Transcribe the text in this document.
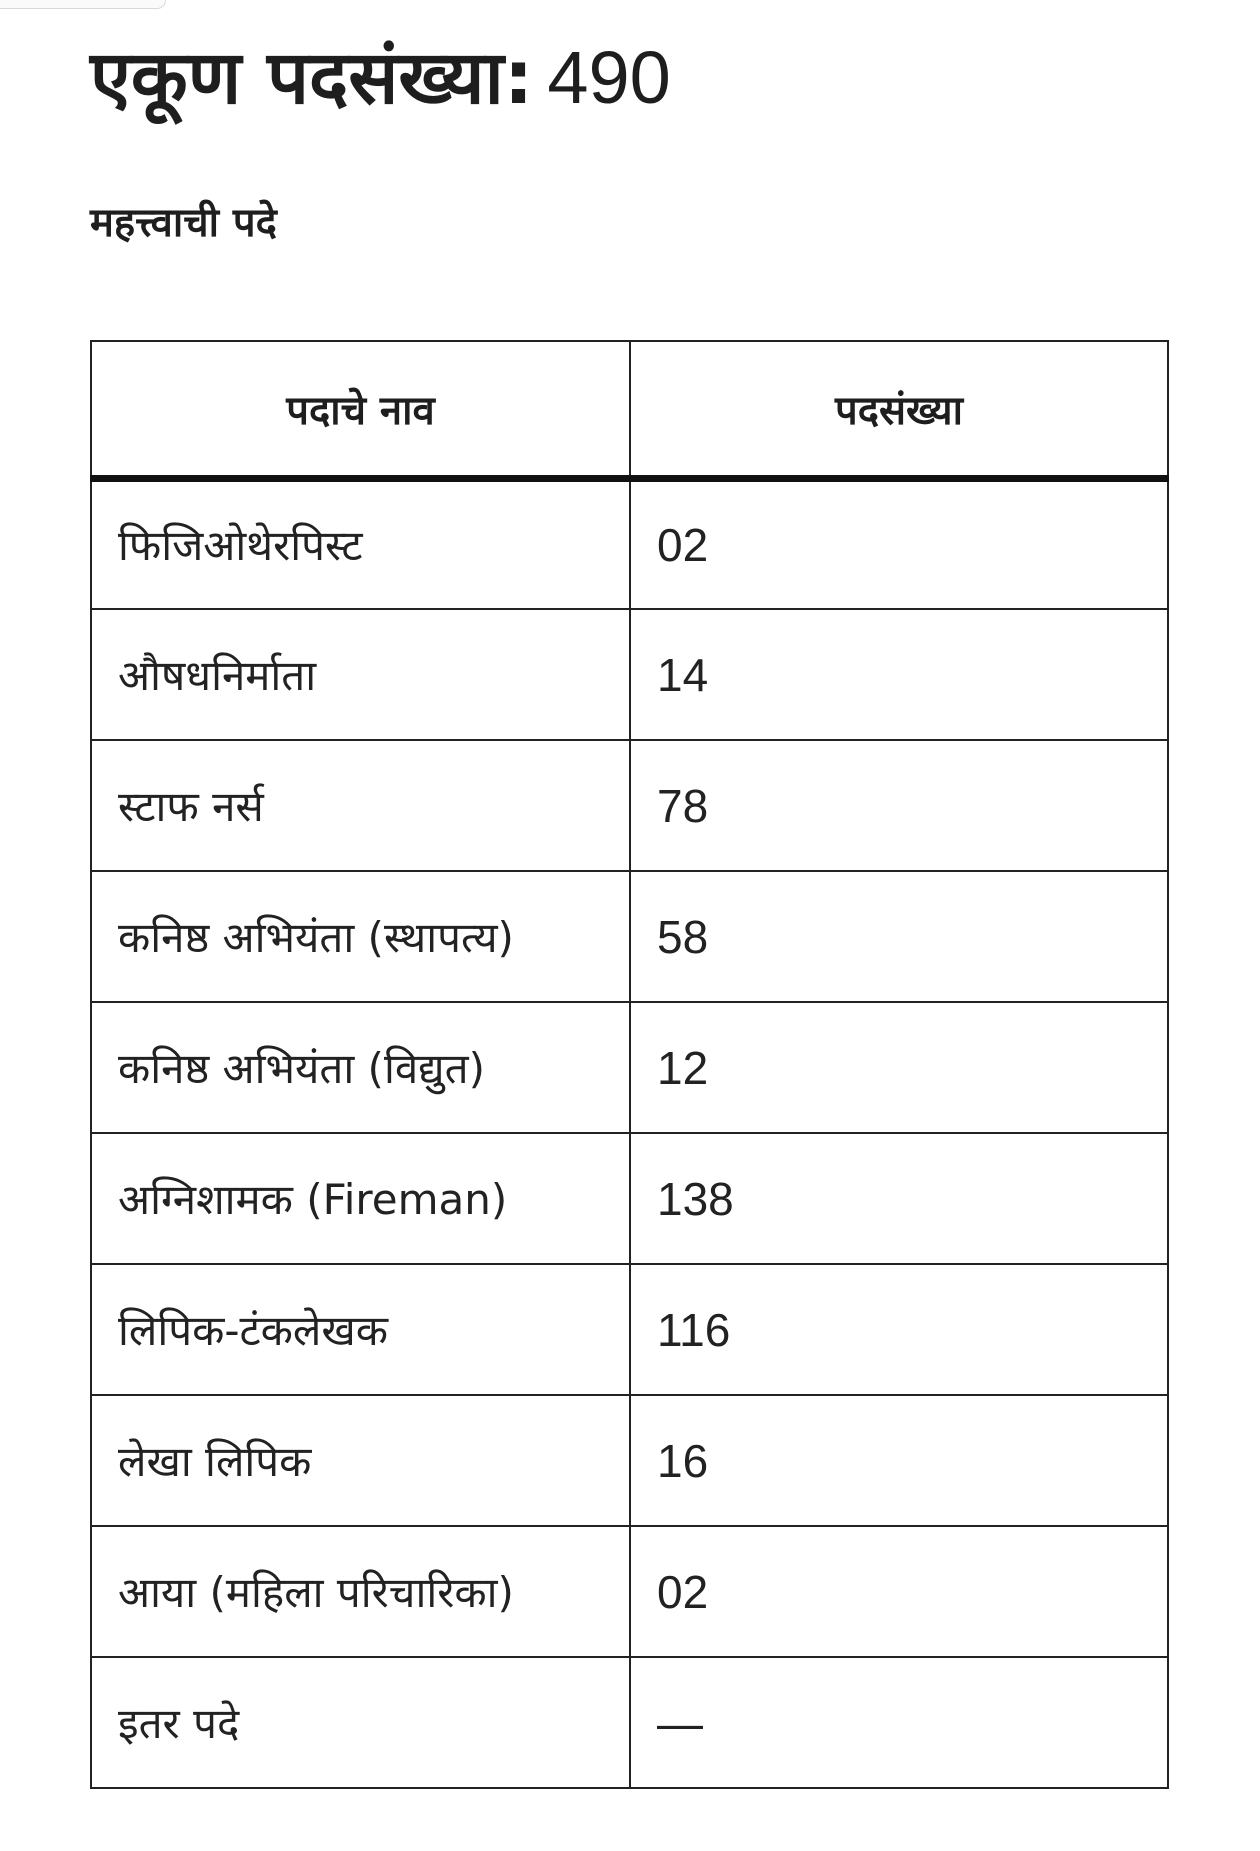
एकूण पदसंख्या: 490
महत्त्वाची पदे
पदाचे नाव	पदसंख्या
फिजिओथेरपिस्ट	02
औषधनिर्माता	14
स्टाफ नर्स	78
कनिष्ठ अभियंता (स्थापत्य)	58
कनिष्ठ अभियंता (विद्युत)	12
अग्निशामक (Fireman)	138
लिपिक-टंकलेखक	116
लेखा लिपिक	16
आया (महिला परिचारिका)	02
इतर पदे	—
